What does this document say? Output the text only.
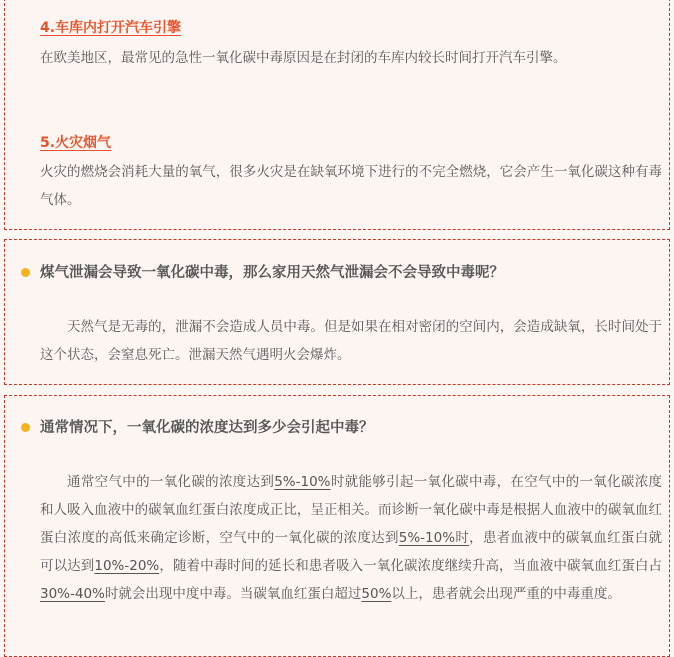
4.车库内打开汽车引擎
在欧美地区，最常见的急性一氧化碳中毒原因是在封闭的车库内较长时间打开汽车引擎。
5.火灾烟气
火灾的燃烧会消耗大量的氧气，很多火灾是在缺氧环境下进行的不完全燃烧，它会产生一氧化碳这种有毒气体。
煤气泄漏会导致一氧化碳中毒，那么家用天然气泄漏会不会导致中毒呢？
天然气是无毒的，泄漏不会造成人员中毒。但是如果在相对密闭的空间内，会造成缺氧，长时间处于这个状态，会窒息死亡。泄漏天然气遇明火会爆炸。
通常情况下，一氧化碳的浓度达到多少会引起中毒？
通常空气中的一氧化碳的浓度达到5%-10%时就能够引起一氧化碳中毒，在空气中的一氧化碳浓度和人吸入血液中的碳氧血红蛋白浓度成正比，呈正相关。而诊断一氧化碳中毒是根据人血液中的碳氧血红蛋白浓度的高低来确定诊断，空气中的一氧化碳的浓度达到5%-10%时，患者血液中的碳氧血红蛋白就可以达到10%-20%，随着中毒时间的延长和患者吸入一氧化碳浓度继续升高，当血液中碳氧血红蛋白占30%-40%时就会出现中度中毒。当碳氧血红蛋白超过50%以上，患者就会出现严重的中毒重度。
